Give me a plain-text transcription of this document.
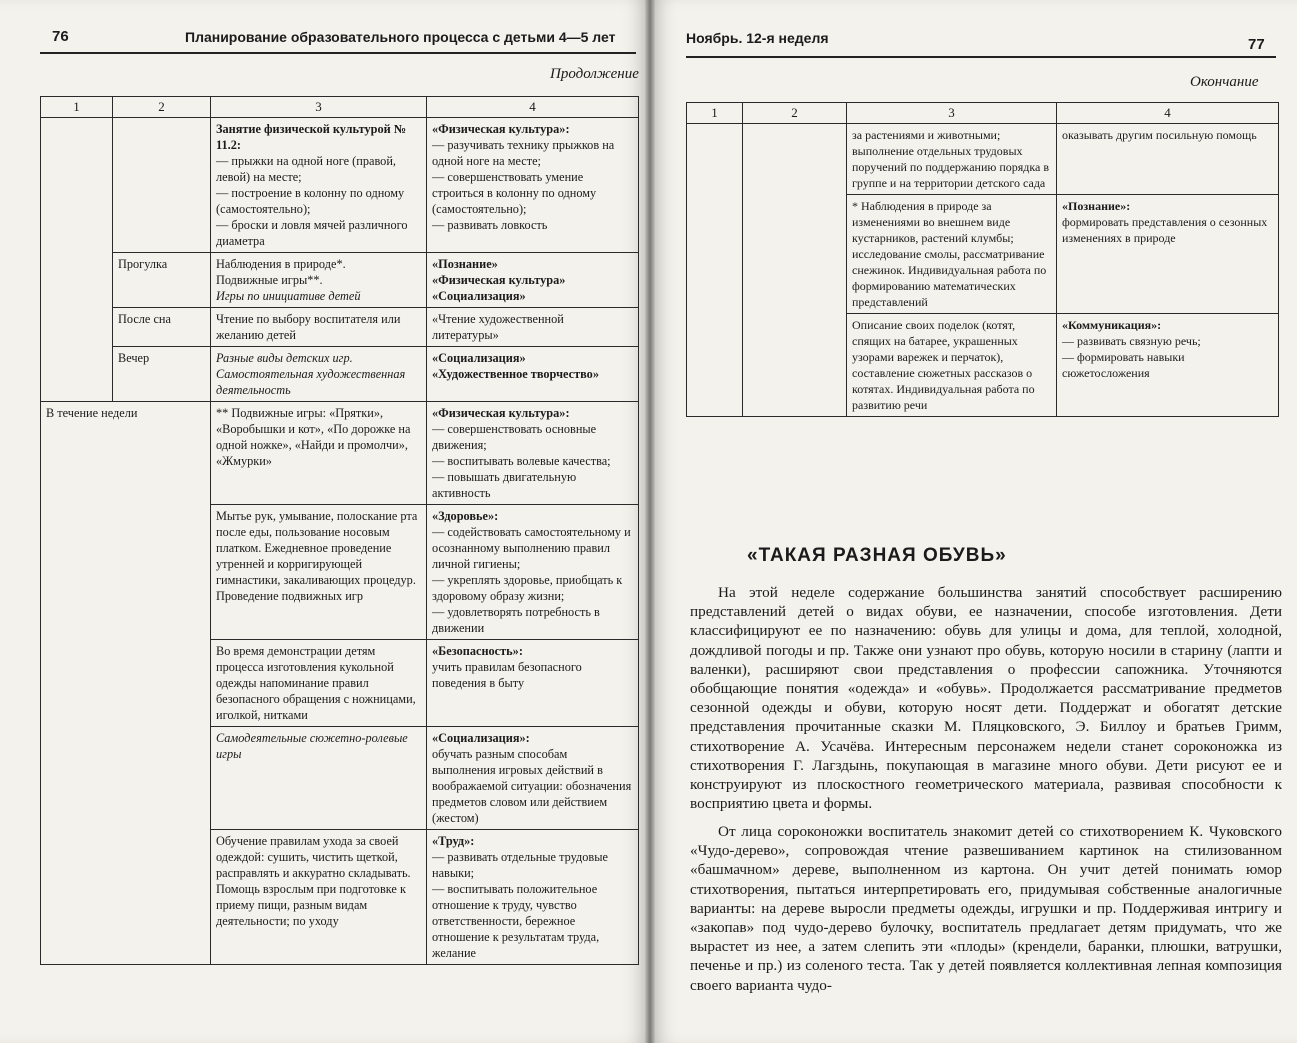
76	Планирование образовательного процесса с детьми 4—5 лет
Продолжение
1	2	3	4

		Занятие физической культурой № 11.2:
— прыжки на одной ноге (правой, левой) на месте;
— построение в колонну по одному (самостоятельно);
— броски и ловля мячей различного диаметра	«Физическая культура»:
— разучивать технику прыжков на одной ноге на месте;
— совершенствовать умение строиться в колонну по одному (самостоятельно);
— развивать ловкость

	Прогулка	Наблюдения в природе*.
Подвижные игры**.
Игры по инициативе детей	«Познание»
«Физическая культура»
«Социализация»

	После сна	Чтение по выбору воспитателя или желанию детей	«Чтение художественной литературы»
	Вечер	Разные виды детских игр. Самостоятельная художественная деятельность	«Социализация»
«Художественное творчество»

В течение недели		** Подвижные игры: «Прятки», «Воробышки и кот», «По дорожке на одной ножке», «Найди и промолчи», «Жмурки»	«Физическая культура»:
— совершенствовать основные движения;
— воспитывать волевые качества;
— повышать двигательную активность

		Мытье рук, умывание, полоскание рта после еды, пользование носовым платком. Ежедневное проведение утренней и корригирующей гимнастики, закаливающих процедур. Проведение подвижных игр	«Здоровье»:
— содействовать самостоятельному и осознанному выполнению правил личной гигиены;
— укреплять здоровье, приобщать к здоровому образу жизни;
— удовлетворять потребность в движении

		Во время демонстрации детям процесса изготовления кукольной одежды напоминание правил безопасного обращения с ножницами, иголкой, нитками	«Безопасность»:
учить правилам безопасного поведения в быту

		Самодеятельные сюжетно-ролевые игры	«Социализация»:
обучать разным способам выполнения игровых действий в воображаемой ситуации: обозначения предметов словом или действием (жестом)

		Обучение правилам ухода за своей одеждой: сушить, чистить щеткой, расправлять и аккуратно складывать. Помощь взрослым при подготовке к приему пищи, разным видам деятельности; по уходу	«Труд»:
— развивать отдельные трудовые навыки;
— воспитывать положительное отношение к труду, чувство ответственности, бережное отношение к результатам труда, желание
Ноябрь. 12-я неделя	77
Окончание
1	2	3	4
		за растениями и животными; выполнение отдельных трудовых поручений по поддержанию порядка в группе и на территории детского сада	оказывать другим посильную помощь
		* Наблюдения в природе за изменениями во внешнем виде кустарников, растений клумбы; исследование смолы, рассматривание снежинок. Индивидуальная работа по формированию математических представлений	«Познание»:
формировать представления о сезонных изменениях в природе

		Описание своих поделок (котят, спящих на батарее, украшенных узорами варежек и перчаток), составление сюжетных рассказов о котятах. Индивидуальная работа по развитию речи	«Коммуникация»:
— развивать связную речь;
— формировать навыки сюжетосложения
«ТАКАЯ РАЗНАЯ ОБУВЬ»

На этой неделе содержание большинства занятий способствует расширению представлений детей о видах обуви, ее назначении, способе изготовления. Дети классифицируют ее по назначению: обувь для улицы и дома, для теплой, холодной, дождливой погоды и пр. Также они узнают про обувь, которую носили в старину (лапти и валенки), расширяют свои представления о профессии сапожника. Уточняются обобщающие понятия «одежда» и «обувь». Продолжается рассматривание предметов сезонной одежды и обуви, которую носят дети. Поддержат и обогатят детские представления прочитанные сказки М. Пляцковского, Э. Биллоу и братьев Гримм, стихотворение А. Усачёва. Интересным персонажем недели станет сороконожка из стихотворения Г. Лагздынь, покупающая в магазине много обуви. Дети рисуют ее и конструируют из плоскостного геометрического материала, развивая способности к восприятию цвета и формы.

От лица сороконожки воспитатель знакомит детей со стихотворением К. Чуковского «Чудо-дерево», сопровождая чтение развешиванием картинок на стилизованном «башмачном» дереве, выполненном из картона. Он учит детей понимать юмор стихотворения, пытаться интерпретировать его, придумывая собственные аналогичные варианты: на дереве выросли предметы одежды, игрушки и пр. Поддерживая интригу и «закопав» под чудо-дерево булочку, воспитатель предлагает детям придумать, что же вырастет из нее, а затем слепить эти «плоды» (крендели, баранки, плюшки, ватрушки, печенье и пр.) из соленого теста. Так у детей появляется коллективная лепная композиция своего варианта чудо-
